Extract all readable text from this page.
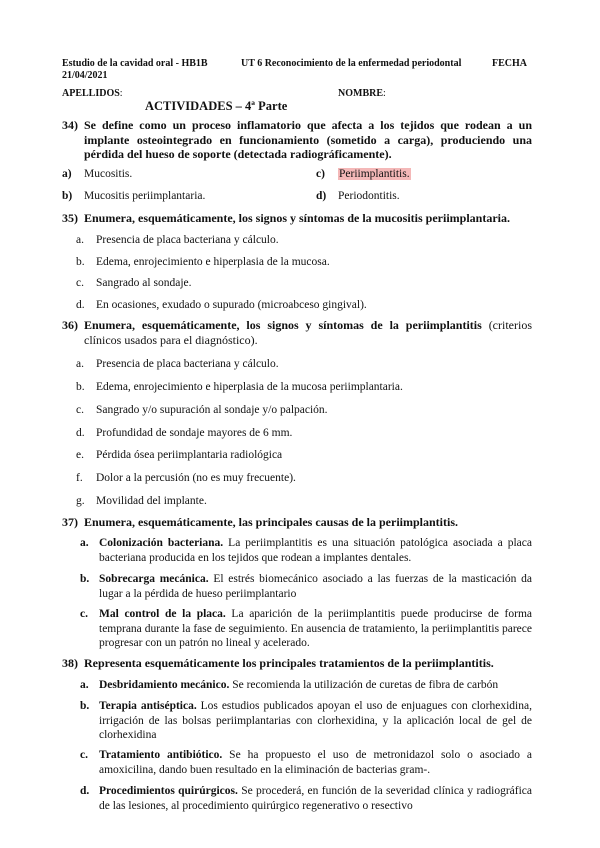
Estudio de la cavidad oral - HB1B	UT 6 Reconocimiento de la enfermedad periodontal	FECHA
21/04/2021
APELLIDOS:	NOMBRE:
ACTIVIDADES – 4ª Parte
34) Se define como un proceso inflamatorio que afecta a los tejidos que rodean a un implante osteointegrado en funcionamiento (sometido a carga), produciendo una pérdida del hueso de soporte (detectada radiográficamente).
a) Mucositis.
b) Mucositis periimplantaria.
c) Periimplantitis.
d) Periodontitis.
35) Enumera, esquemáticamente, los signos y síntomas de la mucositis periimplantaria.
a. Presencia de placa bacteriana y cálculo.
b. Edema, enrojecimiento e hiperplasia de la mucosa.
c. Sangrado al sondaje.
d. En ocasiones, exudado o supurado (microabceso gingival).
36) Enumera, esquemáticamente, los signos y síntomas de la periimplantitis (criterios clínicos usados para el diagnóstico).
a. Presencia de placa bacteriana y cálculo.
b. Edema, enrojecimiento e hiperplasia de la mucosa periimplantaria.
c. Sangrado y/o supuración al sondaje y/o palpación.
d. Profundidad de sondaje mayores de 6 mm.
e. Pérdida ósea periimplantaria radiológica
f. Dolor a la percusión (no es muy frecuente).
g. Movilidad del implante.
37) Enumera, esquemáticamente, las principales causas de la periimplantitis.
a. Colonización bacteriana. La periimplantitis es una situación patológica asociada a placa bacteriana producida en los tejidos que rodean a implantes dentales.
b. Sobrecarga mecánica. El estrés biomecánico asociado a las fuerzas de la masticación da lugar a la pérdida de hueso periimplantario
c. Mal control de la placa. La aparición de la periimplantitis puede producirse de forma temprana durante la fase de seguimiento. En ausencia de tratamiento, la periimplantitis parece progresar con un patrón no lineal y acelerado.
38) Representa esquemáticamente los principales tratamientos de la periimplantitis.
a. Desbridamiento mecánico. Se recomienda la utilización de curetas de fibra de carbón
b. Terapia antiséptica. Los estudios publicados apoyan el uso de enjuagues con clorhexidina, irrigación de las bolsas periimplantarias con clorhexidina, y la aplicación local de gel de clorhexidina
c. Tratamiento antibiótico. Se ha propuesto el uso de metronidazol solo o asociado a amoxicilina, dando buen resultado en la eliminación de bacterias gram-.
d. Procedimientos quirúrgicos. Se procederá, en función de la severidad clínica y radiográfica de las lesiones, al procedimiento quirúrgico regenerativo o resectivo
